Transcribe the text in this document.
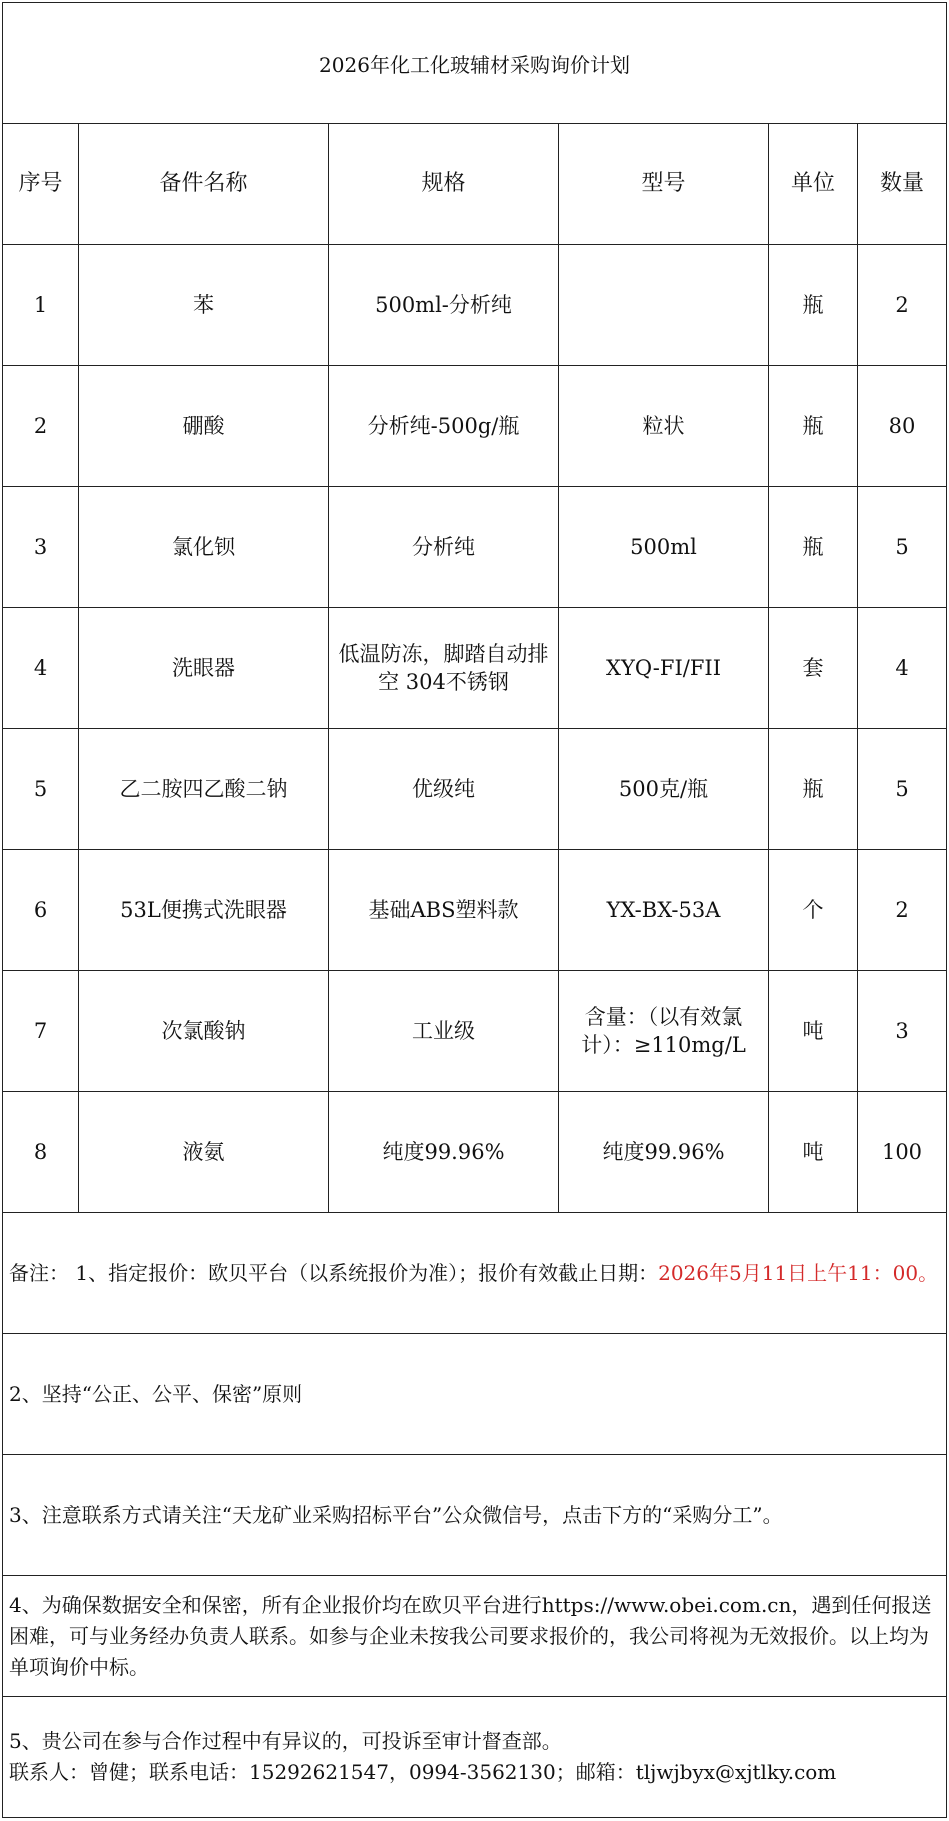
2026年化工化玻辅材采购询价计划					
序号	备件名称	规格	型号	单位	数量
1	苯	500ml-分析纯		瓶	2
2	硼酸	分析纯-500g/瓶	粒状	瓶	80
3	氯化钡	分析纯	500ml	瓶	5
4	洗眼器	低温防冻，脚踏自动排空 304不锈钢	XYQ-FI/FII	套	4
5	乙二胺四乙酸二钠	优级纯	500克/瓶	瓶	5
6	53L便携式洗眼器	基础ABS塑料款	YX-BX-53A	个	2
7	次氯酸钠	工业级	含量：（以有效氯计）：≥110mg/L	吨	3
8	液氨	纯度99.96%	纯度99.96%	吨	100
备注： 1、指定报价：欧贝平台（以系统报价为准）；报价有效截止日期：2026年5月11日上午11：00。					
2、坚持“公正、公平、保密”原则					
3、注意联系方式请关注“天龙矿业采购招标平台”公众微信号，点击下方的“采购分工”。					
4、为确保数据安全和保密，所有企业报价均在欧贝平台进行https://www.obei.com.cn，遇到任何报送困难，可与业务经办负责人联系。如参与企业未按我公司要求报价的，我公司将视为无效报价。以上均为单项询价中标。					

5、贵公司在参与合作过程中有异议的，可投诉至审计督查部。
联系人：曾健；联系电话：15292621547，0994-3562130；邮箱：tljwjbyx@xjtlky.com					
